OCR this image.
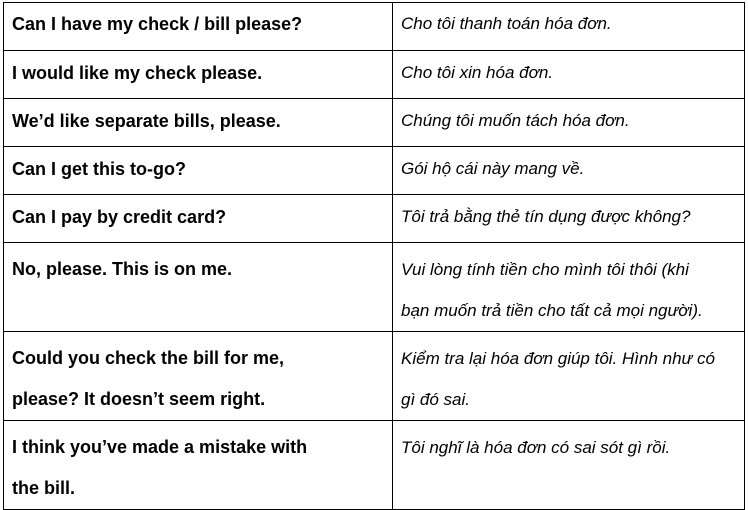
Can I have my check / bill please?	Cho tôi thanh toán hóa đơn.

I would like my check please.	Cho tôi xin hóa đơn.

We’d like separate bills, please.	Chúng tôi muốn tách hóa đơn.

Can I get this to-go?	Gói hộ cái này mang về.

Can I pay by credit card?	Tôi trả bằng thẻ tín dụng được không?

No, please. This is on me.	Vui lòng tính tiền cho mình tôi thôi (khi
bạn muốn trả tiền cho tất cả mọi người).

Could you check the bill for me,
please? It doesn’t seem right.	Kiểm tra lại hóa đơn giúp tôi. Hình như có
gì đó sai.

I think you’ve made a mistake with
the bill.	Tôi nghĩ là hóa đơn có sai sót gì rồi.
